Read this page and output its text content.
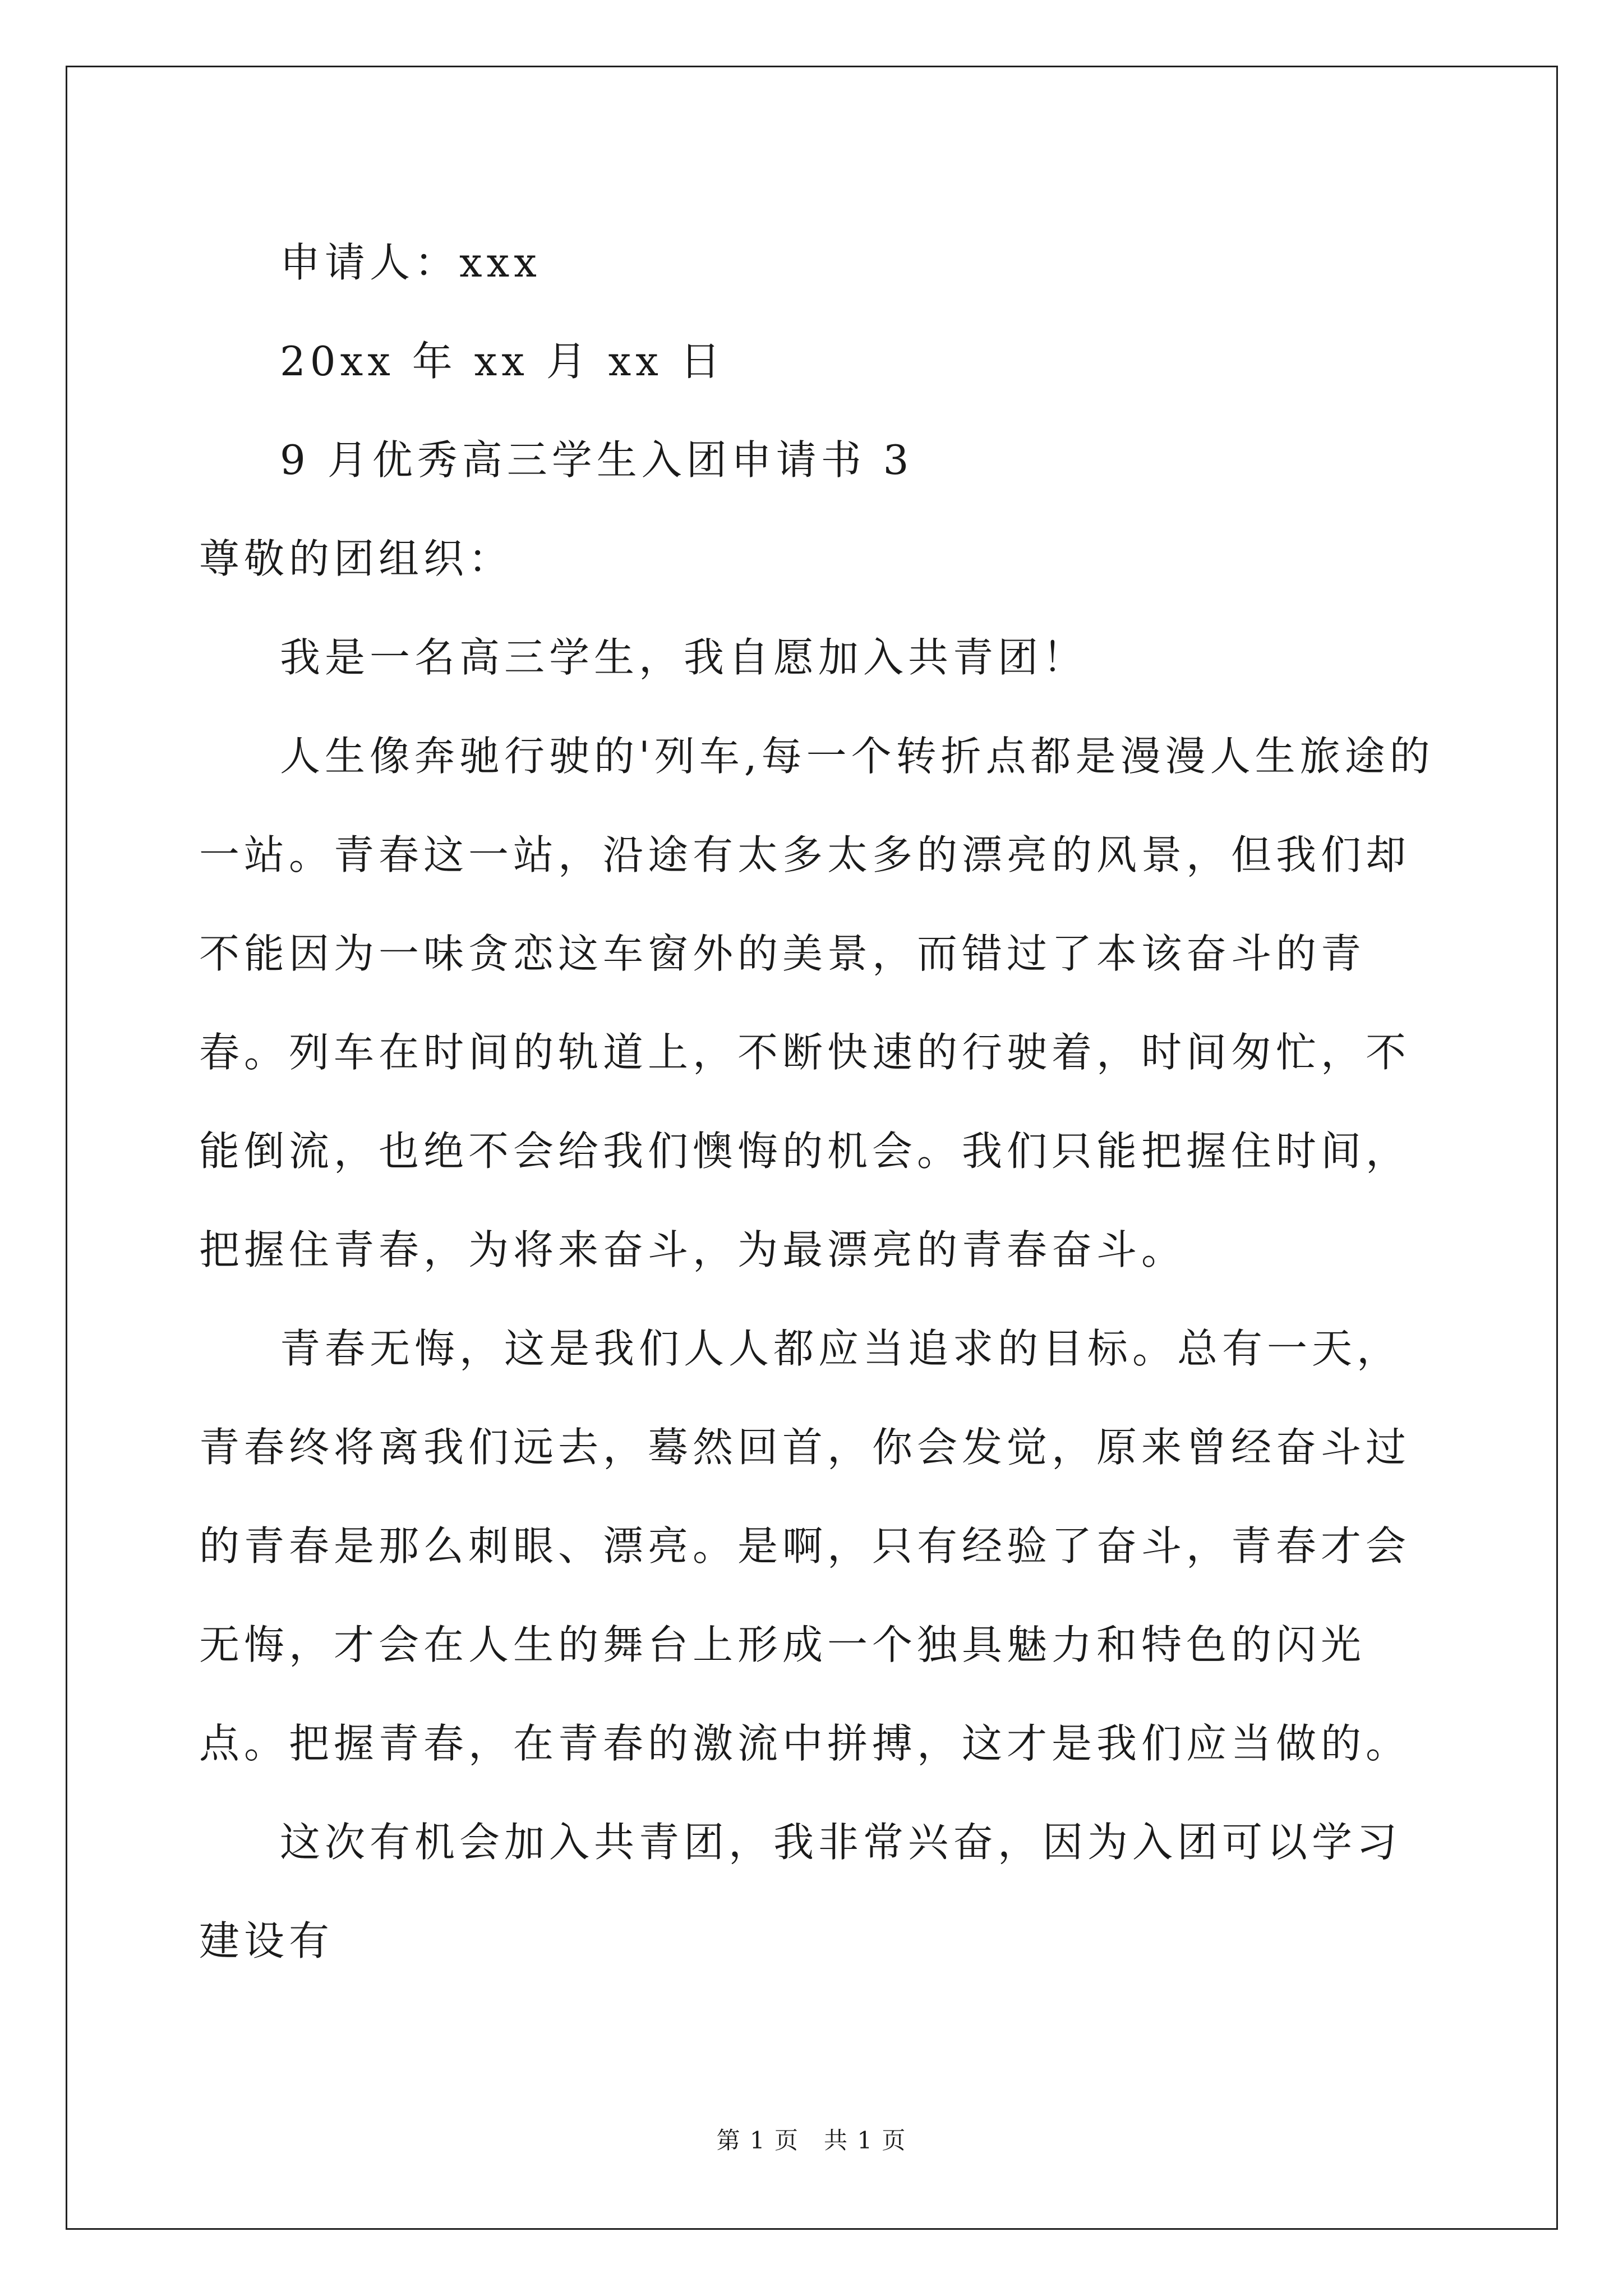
申请人：xxx

20xx 年 xx 月 xx 日

9 月优秀高三学生入团申请书 3

尊敬的团组织：

我是一名高三学生，我自愿加入共青团！

人生像奔驰行驶的'列车,每一个转折点都是漫漫人生旅途的一站。青春这一站，沿途有太多太多的漂亮的风景，但我们却不能因为一味贪恋这车窗外的美景，而错过了本该奋斗的青春。列车在时间的轨道上，不断快速的行驶着，时间匆忙，不能倒流，也绝不会给我们懊悔的机会。我们只能把握住时间，把握住青春，为将来奋斗，为最漂亮的青春奋斗。

青春无悔，这是我们人人都应当追求的目标。总有一天，青春终将离我们远去，蓦然回首，你会发觉，原来曾经奋斗过的青春是那么刺眼、漂亮。是啊，只有经验了奋斗，青春才会无悔，才会在人生的舞台上形成一个独具魅力和特色的闪光点。把握青春，在青春的激流中拼搏，这才是我们应当做的。

这次有机会加入共青团，我非常兴奋，因为入团可以学习建设有

第 1 页　共 1 页
